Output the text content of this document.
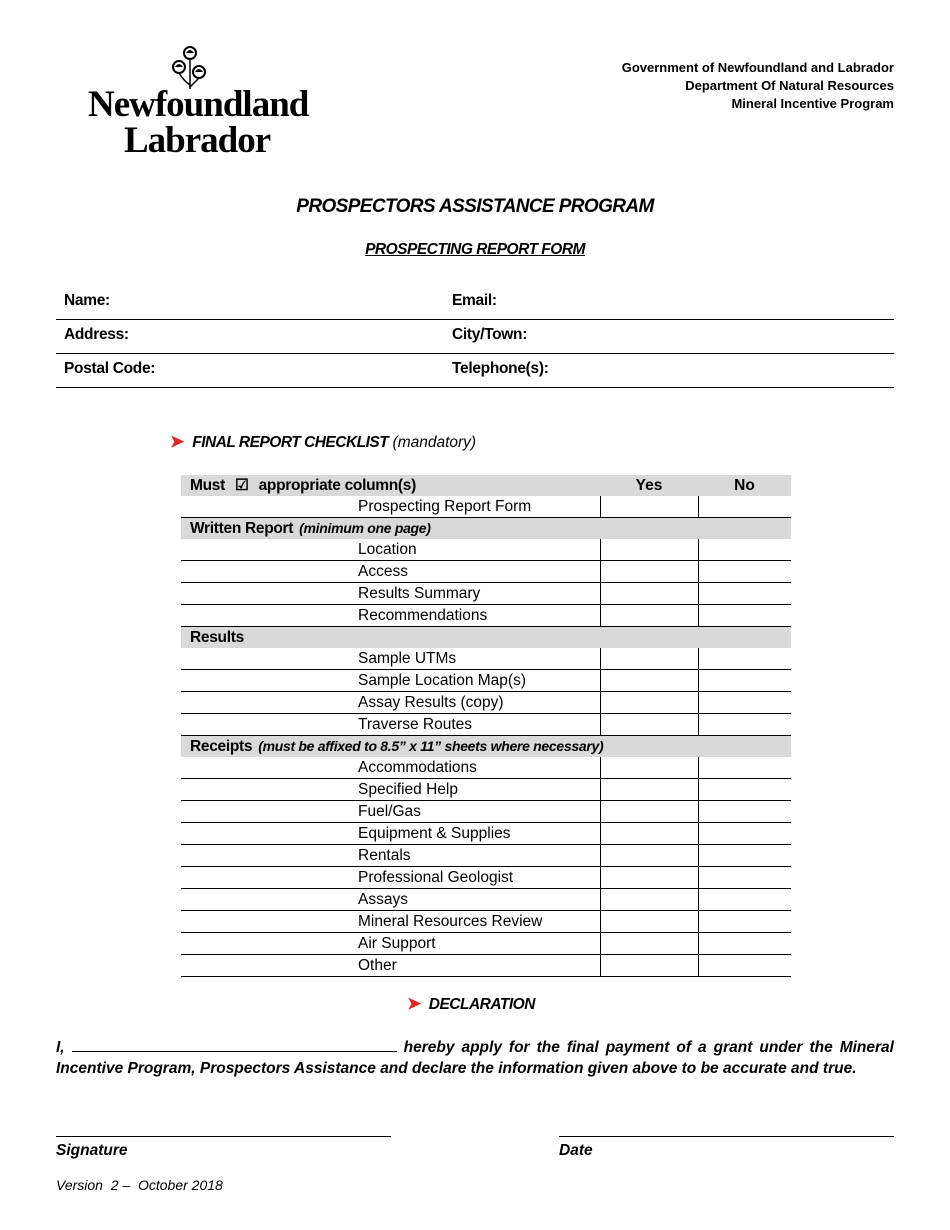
Newfoundland
Labrador
Government of Newfoundland and Labrador
Department Of Natural Resources
Mineral Incentive Program
PROSPECTORS ASSISTANCE PROGRAM
PROSPECTING REPORT FORM
Name:	Email:
Address:	City/Town:
Postal Code:	Telephone(s):
➤ FINAL REPORT CHECKLIST (mandatory)
Must ☑ appropriate column(s)	Yes	No
Prospecting Report Form		
Written Report (minimum one page)		
Location		
Access		
Results Summary		
Recommendations		
Results		
Sample UTMs		
Sample Location Map(s)		
Assay Results (copy)		
Traverse Routes		
Receipts (must be affixed to 8.5” x 11” sheets where necessary)		
Accommodations		
Specified Help		
Fuel/Gas		
Equipment & Supplies		
Rentals		
Professional Geologist		
Assays		
Mineral Resources Review		
Air Support		
Other		
➤ DECLARATION
I,	hereby apply for the final payment of a grant under the Mineral Incentive Program, Prospectors Assistance and declare the information given above to be accurate and true.
Signature	Date
Version  2 –  October 2018
